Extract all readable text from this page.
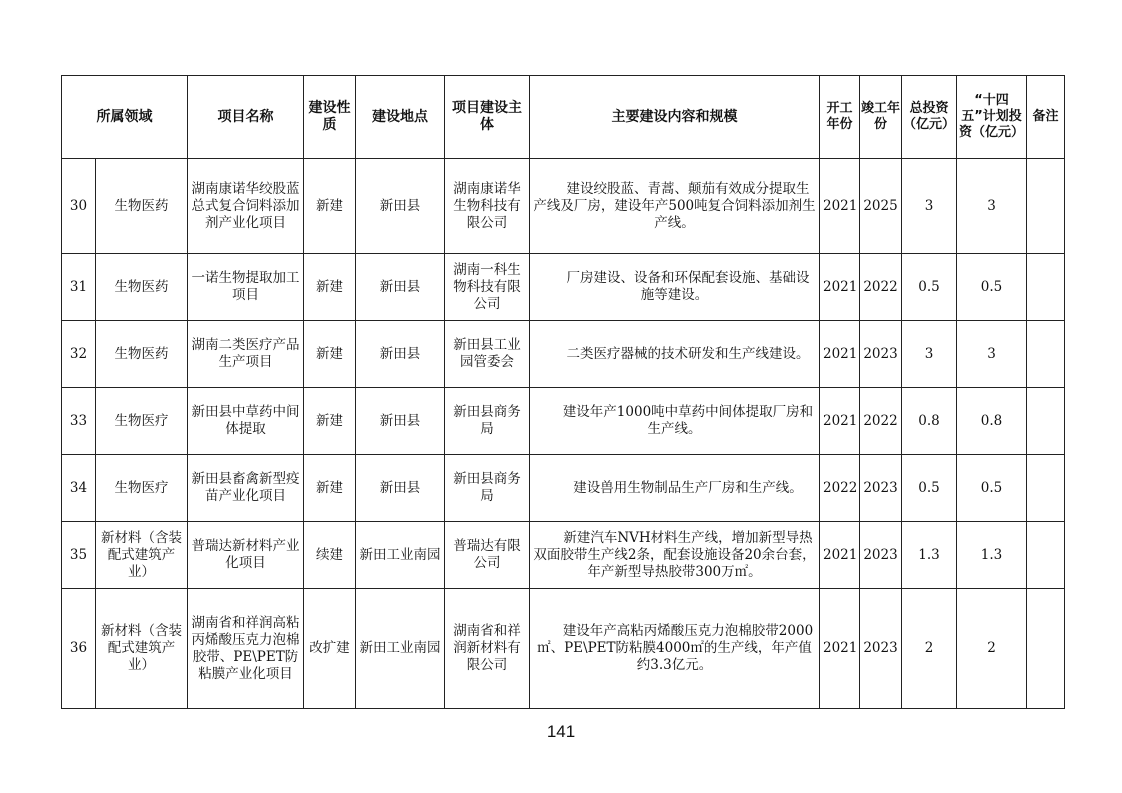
所属领域		项目名称	建设性质	建设地点	项目建设主体	主要建设内容和规模	开工年份	竣工年份	总投资（亿元）	“十四五”计划投资（亿元）	备注
30	生物医药	湖南康诺华绞股蓝总式复合饲料添加剂产业化项目	新建	新田县	湖南康诺华生物科技有限公司	建设绞股蓝、青蒿、颠茄有效成分提取生产线及厂房，建设年产500吨复合饲料添加剂生产线。	2021	2025	3	3	
31	生物医药	一诺生物提取加工项目	新建	新田县	湖南一科生物科技有限公司	厂房建设、设备和环保配套设施、基础设施等建设。	2021	2022	0.5	0.5	
32	生物医药	湖南二类医疗产品生产项目	新建	新田县	新田县工业园管委会	二类医疗器械的技术研发和生产线建设。	2021	2023	3	3	
33	生物医疗	新田县中草药中间体提取	新建	新田县	新田县商务局	建设年产1000吨中草药中间体提取厂房和生产线。	2021	2022	0.8	0.8	
34	生物医疗	新田县畜禽新型疫苗产业化项目	新建	新田县	新田县商务局	建设兽用生物制品生产厂房和生产线。	2022	2023	0.5	0.5	
35	新材料（含装配式建筑产业）	普瑞达新材料产业化项目	续建	新田工业南园	普瑞达有限公司	新建汽车NVH材料生产线，增加新型导热双面胶带生产线2条，配套设施设备20余台套，年产新型导热胶带300万㎡。	2021	2023	1.3	1.3	
36	新材料（含装配式建筑产业）	湖南省和祥润高粘丙烯酸压克力泡棉胶带、PE\PET防粘膜产业化项目	改扩建	新田工业南园	湖南省和祥润新材料有限公司	建设年产高粘丙烯酸压克力泡棉胶带2000㎡、PE\PET防粘膜4000㎡的生产线，年产值约3.3亿元。	2021	2023	2	2	
141
